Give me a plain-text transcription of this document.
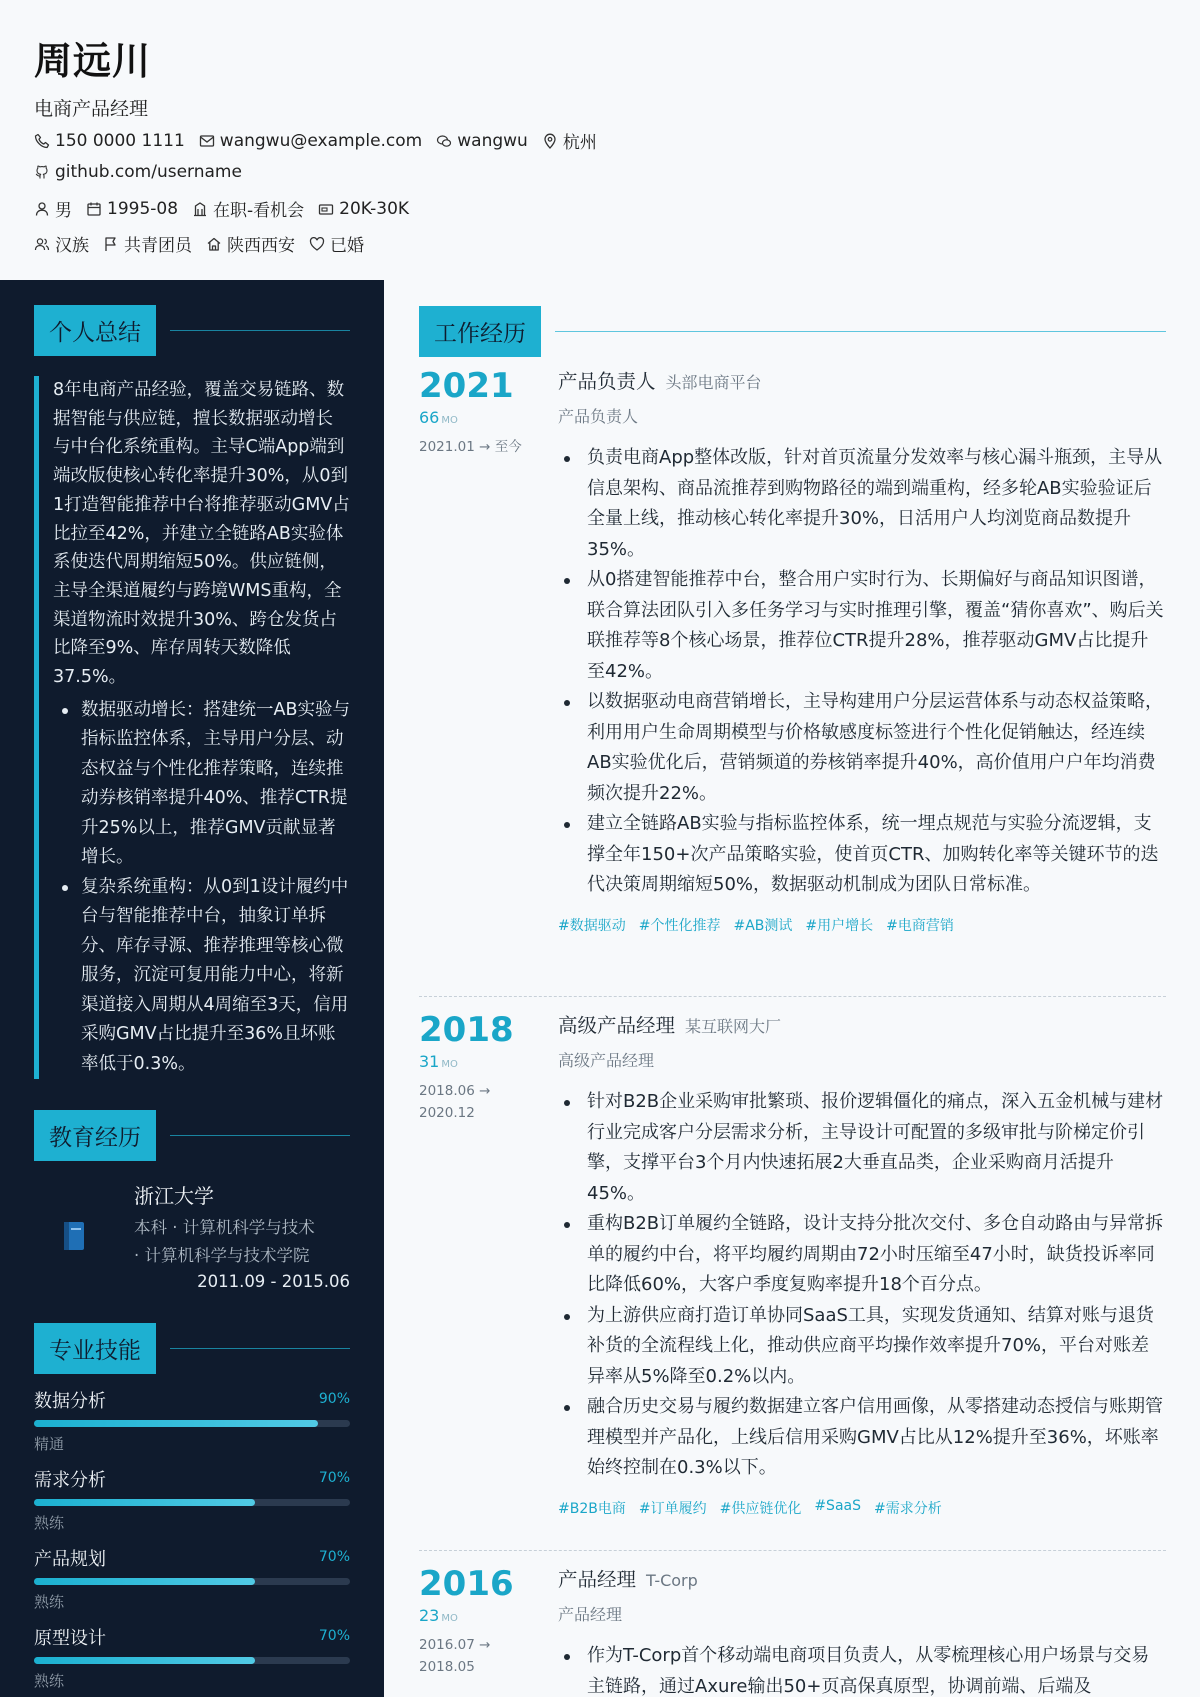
周远川
电商产品经理
150 0000 1111 wangwu@example.com wangwu 杭州
github.com/username
男 1995-08 在职-看机会 20K-30K
汉族 共青团员 陕西西安 已婚
个人总结

8年电商产品经验，覆盖交易链路、数据智能与供应链，擅长数据驱动增长与中台化系统重构。主导C端App端到端改版使核心转化率提升30%，从0到1打造智能推荐中台将推荐驱动GMV占比拉至42%，并建立全链路AB实验体系使迭代周期缩短50%。供应链侧，主导全渠道履约与跨境WMS重构，全渠道物流时效提升30%、跨仓发货占比降至9%、库存周转天数降低37.5%。

数据驱动增长：搭建统一AB实验与指标监控体系，主导用户分层、动态权益与个性化推荐策略，连续推动券核销率提升40%、推荐CTR提升25%以上，推荐GMV贡献显著增长。
复杂系统重构：从0到1设计履约中台与智能推荐中台，抽象订单拆分、库存寻源、推荐推理等核心微服务，沉淀可复用能力中心，将新渠道接入周期从4周缩至3天，信用采购GMV占比提升至36%且坏账率低于0.3%。
教育经历
浙江大学
本科 · 计算机科学与技术
· 计算机科学与技术学院
2011.09 - 2015.06
专业技能
数据分析	90%
精通
需求分析	70%
熟练
产品规划	70%
熟练
原型设计	70%
熟练
工作经历
2021
66 MO
2021.01 → 至今
产品负责人 头部电商平台
产品负责人
负责电商App整体改版，针对首页流量分发效率与核心漏斗瓶颈，主导从信息架构、商品流推荐到购物路径的端到端重构，经多轮AB实验验证后全量上线，推动核心转化率提升30%，日活用户人均浏览商品数提升35%。
从0搭建智能推荐中台，整合用户实时行为、长期偏好与商品知识图谱，联合算法团队引入多任务学习与实时推理引擎，覆盖“猜你喜欢”、购后关联推荐等8个核心场景，推荐位CTR提升28%，推荐驱动GMV占比提升至42%。
以数据驱动电商营销增长，主导构建用户分层运营体系与动态权益策略，利用用户生命周期模型与价格敏感度标签进行个性化促销触达，经连续AB实验优化后，营销频道的券核销率提升40%，高价值用户户年均消费频次提升22%。
建立全链路AB实验与指标监控体系，统一埋点规范与实验分流逻辑，支撑全年150+次产品策略实验，使首页CTR、加购转化率等关键环节的迭代决策周期缩短50%，数据驱动机制成为团队日常标准。
#数据驱动 #个性化推荐 #AB测试 #用户增长 #电商营销
2018
31 MO
2018.06 → 2020.12
高级产品经理 某互联网大厂
高级产品经理
针对B2B企业采购审批繁琐、报价逻辑僵化的痛点，深入五金机械与建材行业完成客户分层需求分析，主导设计可配置的多级审批与阶梯定价引擎，支撑平台3个月内快速拓展2大垂直品类，企业采购商月活提升45%。
重构B2B订单履约全链路，设计支持分批次交付、多仓自动路由与异常拆单的履约中台，将平均履约周期由72小时压缩至47小时，缺货投诉率同比降低60%，大客户季度复购率提升18个百分点。
为上游供应商打造订单协同SaaS工具，实现发货通知、结算对账与退货补货的全流程线上化，推动供应商平均操作效率提升70%，平台对账差异率从5%降至0.2%以内。
融合历史交易与履约数据建立客户信用画像，从零搭建动态授信与账期管理模型并产品化，上线后信用采购GMV占比从12%提升至36%，坏账率始终控制在0.3%以下。
#B2B电商 #订单履约 #供应链优化 #SaaS #需求分析
2016
23 MO
2016.07 → 2018.05
产品经理 T-Corp
产品经理
作为T-Corp首个移动端电商项目负责人，从零梳理核心用户场景与交易主链路，通过Axure输出50+页高保真原型，协调前端、后端及
